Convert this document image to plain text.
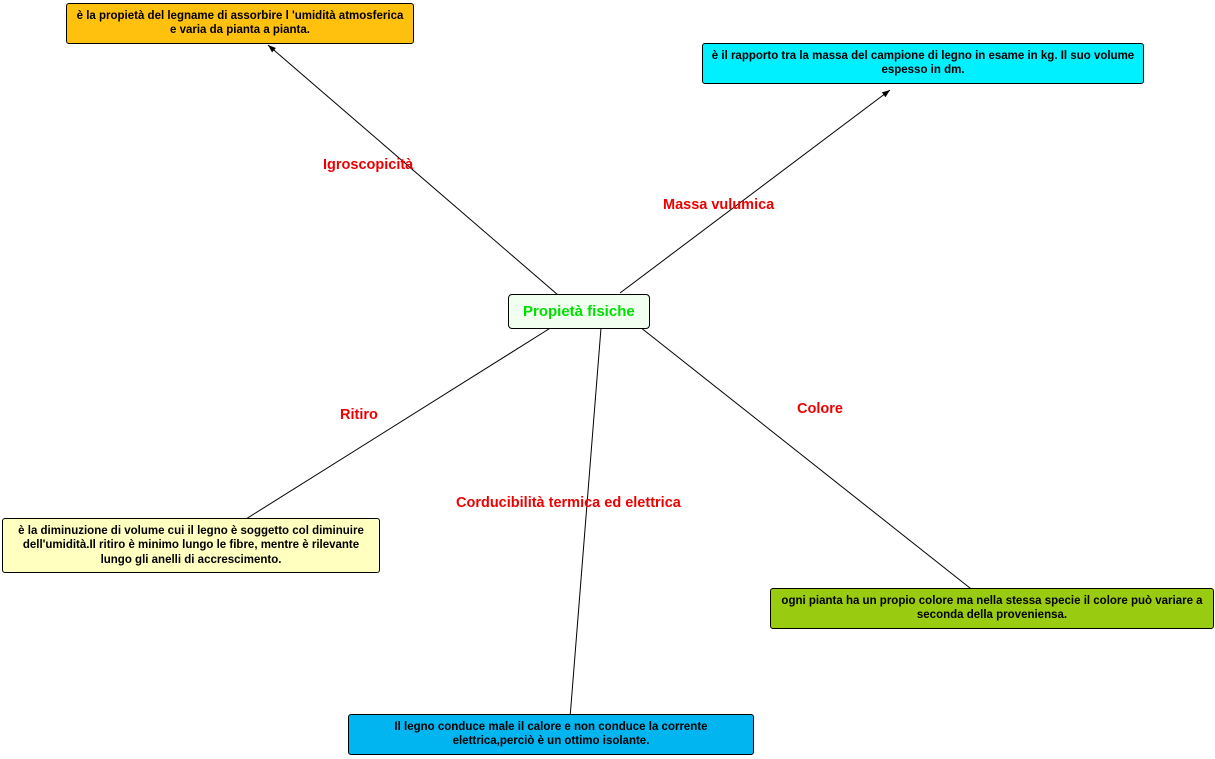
Propietà fisiche
è la propietà del legname di assorbire l 'umidità atmosferica e varia da pianta a pianta.
è il rapporto tra la massa del campione di legno in esame in kg. Il suo volume espesso in dm.
è la diminuzione di volume cui il legno è soggetto col diminuire dell'umidità.Il ritiro è minimo lungo le fibre, mentre è rilevante lungo gli anelli di accrescimento.
Il legno conduce male il calore e non conduce la corrente elettrica,perciò è un ottimo isolante.
ogni pianta ha un propio colore ma nella stessa specie il colore può variare a seconda della proveniensa.
Igroscopicità
Massa vulumica
Ritiro
Corducibilità termica ed elettrica
Colore
